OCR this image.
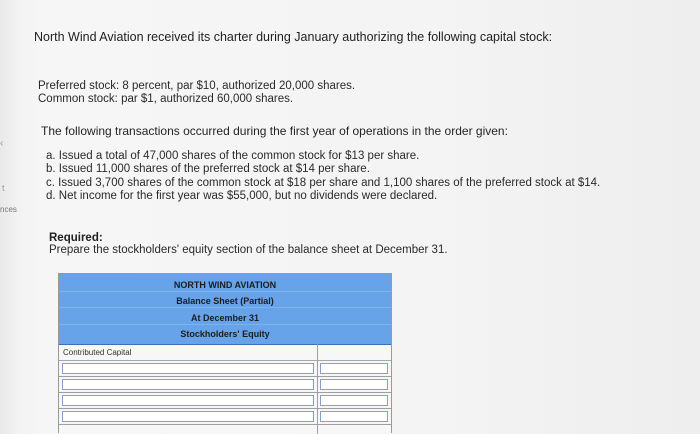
‹
t
nces
North Wind Aviation received its charter during January authorizing the following capital stock:
Preferred stock: 8 percent, par $10, authorized 20,000 shares.
Common stock: par $1, authorized 60,000 shares.
The following transactions occurred during the first year of operations in the order given:
a. Issued a total of 47,000 shares of the common stock for $13 per share.
b. Issued 11,000 shares of the preferred stock at $14 per share.
c. Issued 3,700 shares of the common stock at $18 per share and 1,100 shares of the preferred stock at $14.
d. Net income for the first year was $55,000, but no dividends were declared.
Required:
Prepare the stockholders' equity section of the balance sheet at December 31.
NORTH WIND AVIATION
Balance Sheet (Partial)
At December 31
Stockholders' Equity
Contributed Capital
